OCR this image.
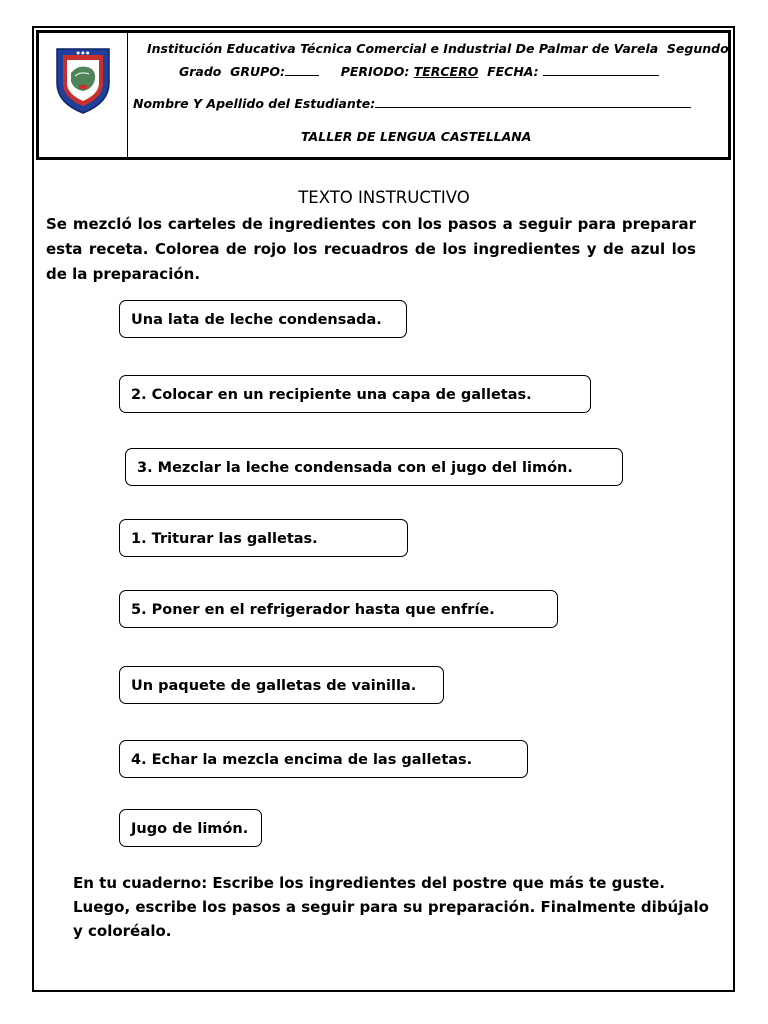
● ● ●	Institución Educativa Técnica Comercial e Industrial De Palmar de Varela Segundo
Grado GRUPO:	PERIODO: TERCERO FECHA:
Nombre Y Apellido del Estudiante:
TALLER DE LENGUA CASTELLANA
TEXTO INSTRUCTIVO
Se mezcló los carteles de ingredientes con los pasos a seguir para preparar esta receta. Colorea de rojo los recuadros de los ingredientes y de azul los de la preparación.
Una lata de leche condensada.
2. Colocar en un recipiente una capa de galletas.
3. Mezclar la leche condensada con el jugo del limón.
1. Triturar las galletas.
5. Poner en el refrigerador hasta que enfríe.
Un paquete de galletas de vainilla.
4. Echar la mezcla encima de las galletas.
Jugo de limón.
En tu cuaderno: Escribe los ingredientes del postre que más te guste. Luego, escribe los pasos a seguir para su preparación. Finalmente dibújalo y coloréalo.
